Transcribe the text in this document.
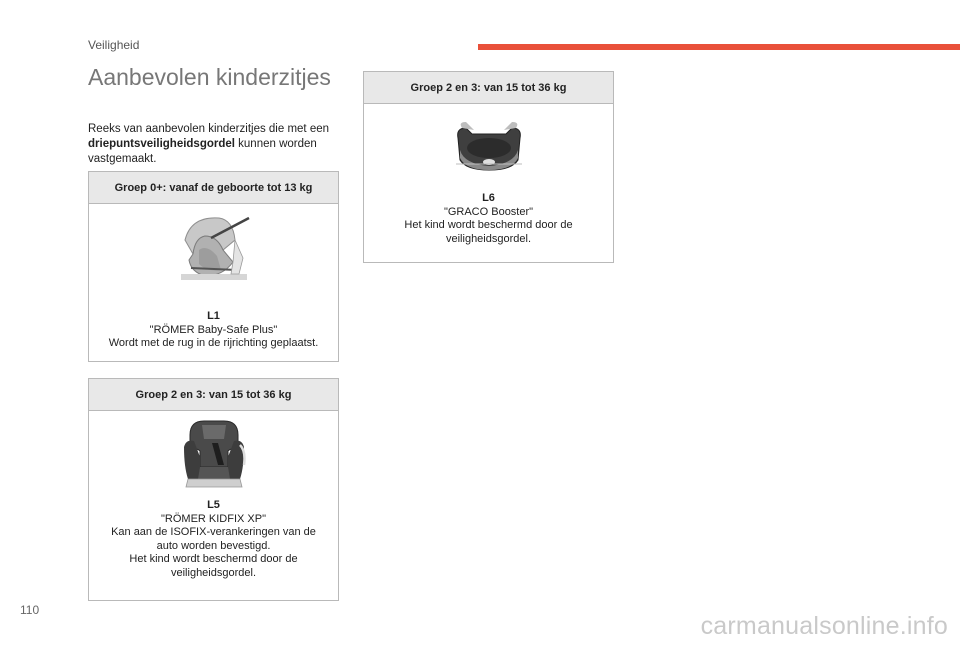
Veiligheid
Aanbevolen kinderzitjes
Reeks van aanbevolen kinderzitjes die met een driepuntsveiligheidsgordel kunnen worden vastgemaakt.
Groep 0+: vanaf de geboorte tot 13 kg
L1
"RÖMER Baby-Safe Plus"
Wordt met de rug in de rijrichting geplaatst.
Groep 2 en 3: van 15 tot 36 kg
L5
"RÖMER KIDFIX XP"
Kan aan de ISOFIX-verankeringen van de auto worden bevestigd.
Het kind wordt beschermd door de veiligheidsgordel.
Groep 2 en 3: van 15 tot 36 kg
L6
"GRACO Booster"
Het kind wordt beschermd door de veiligheidsgordel.
110
carmanualsonline.info
